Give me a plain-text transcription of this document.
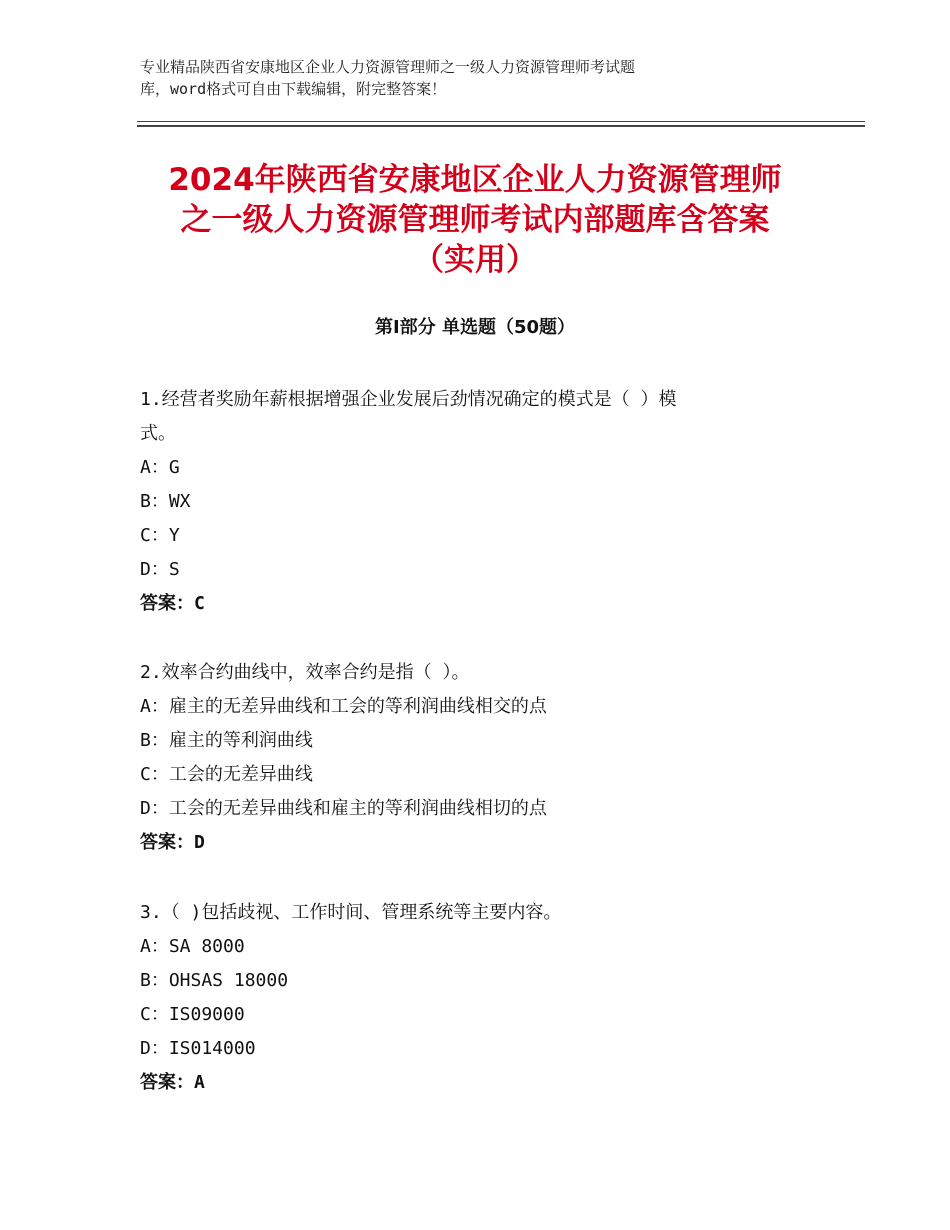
专业精品陕西省安康地区企业人力资源管理师之一级人力资源管理师考试题
库，word格式可自由下载编辑，附完整答案！
2024年陕西省安康地区企业人力资源管理师
之一级人力资源管理师考试内部题库含答案
（实用）
第Ⅰ部分 单选题（50题）

1.经营者奖励年薪根据增强企业发展后劲情况确定的模式是（ ）模

式。

A：G

B：WX

C：Y

D：S

答案：C

2.效率合约曲线中，效率合约是指（ ）。

A：雇主的无差异曲线和工会的等利润曲线相交的点

B：雇主的等利润曲线

C：工会的无差异曲线

D：工会的无差异曲线和雇主的等利润曲线相切的点

答案：D

3.（ )包括歧视、工作时间、管理系统等主要内容。

A：SA 8000

B：OHSAS 18000

C：IS09000

D：IS014000

答案：A
